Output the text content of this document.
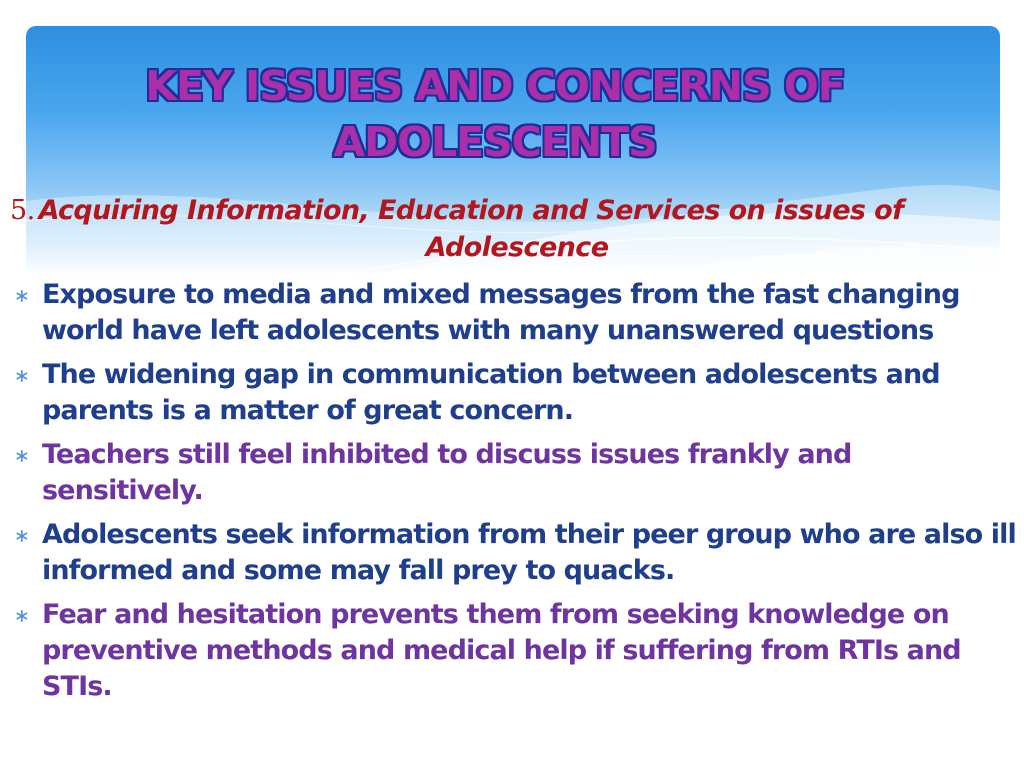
KEY ISSUES AND CONCERNS OF
ADOLESCENTS
5. Acquiring Information, Education and Services on issues of
Adolescence
∗ Exposure to media and mixed messages from the fast changing world have left adolescents with many unanswered questions
∗ The widening gap in communication between adolescents and parents is a matter of great concern.
∗ Teachers still feel inhibited to discuss issues frankly and sensitively.
∗ Adolescents seek information from their peer group who are also ill informed and some may fall prey to quacks.
∗ Fear and hesitation prevents them from seeking knowledge on preventive methods and medical help if suffering from RTIs and STIs.
